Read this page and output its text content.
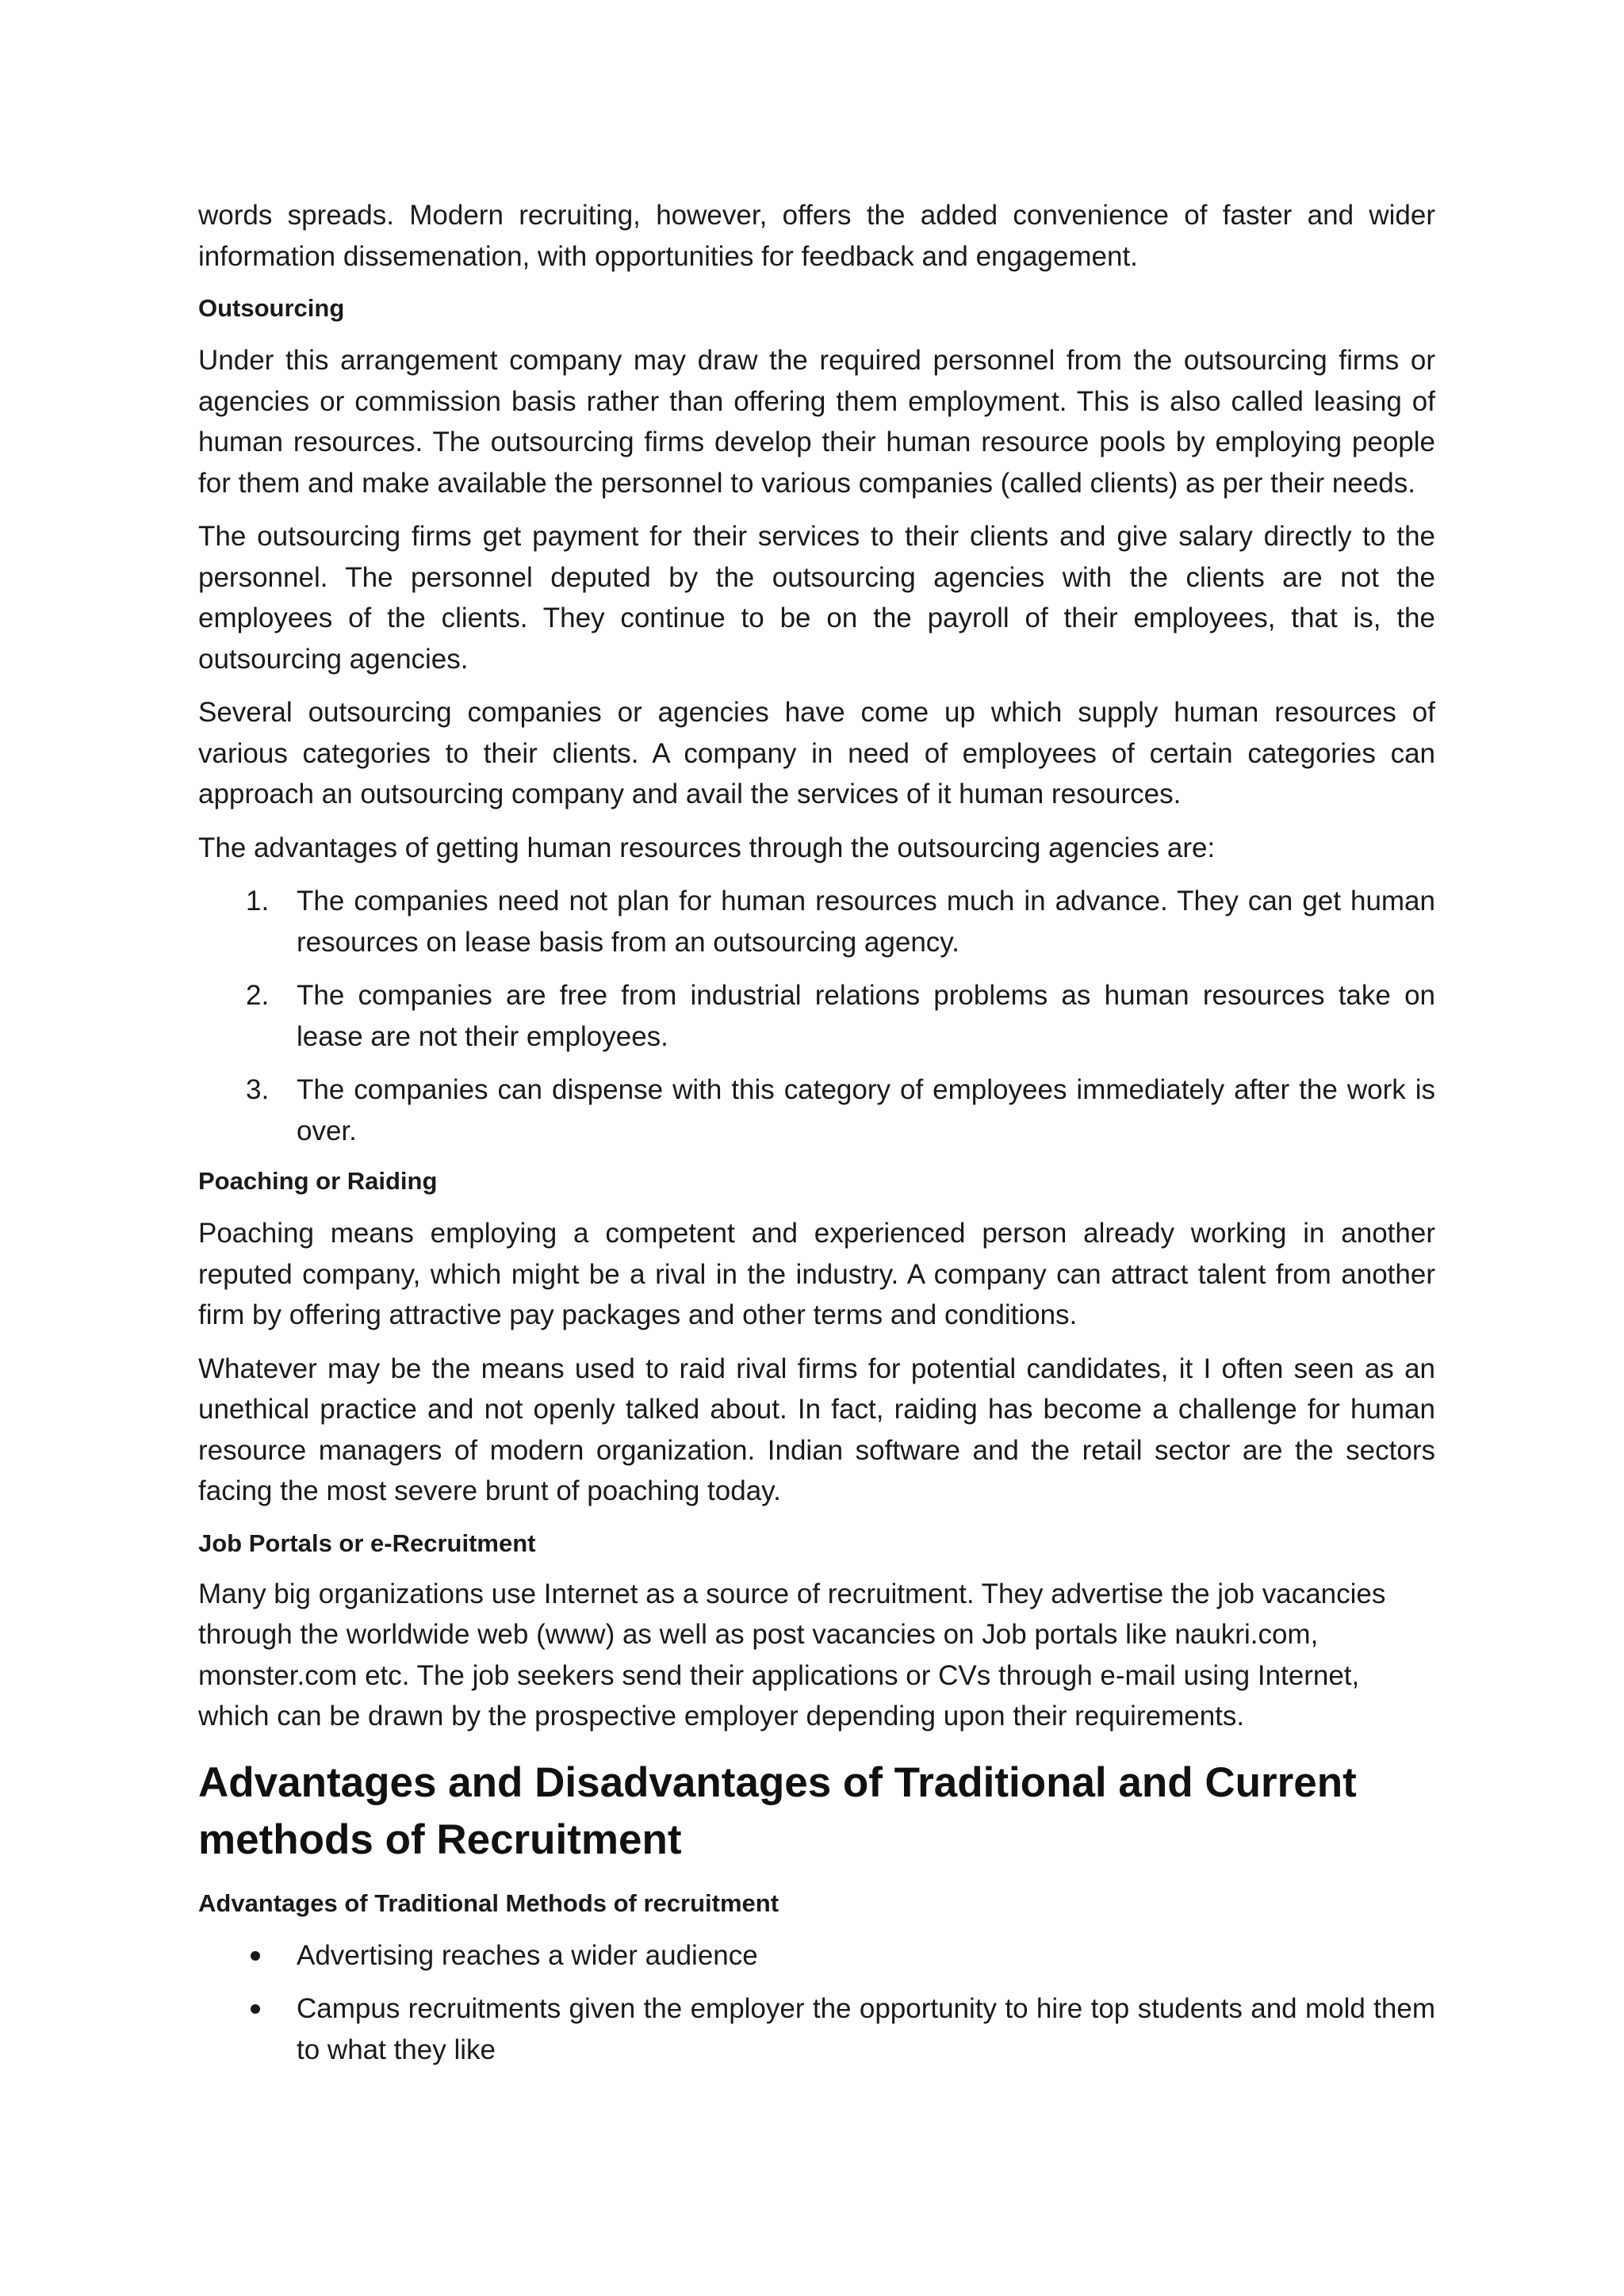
words spreads. Modern recruiting, however, offers the added convenience of faster and wider information dissemenation, with opportunities for feedback and engagement.

Outsourcing

Under this arrangement company may draw the required personnel from the outsourcing firms or agencies or commission basis rather than offering them employment. This is also called leasing of human resources. The outsourcing firms develop their human resource pools by employing people for them and make available the personnel to various companies (called clients) as per their needs.

The outsourcing firms get payment for their services to their clients and give salary directly to the personnel. The personnel deputed by the outsourcing agencies with the clients are not the employees of the clients. They continue to be on the payroll of their employees, that is, the outsourcing agencies.

Several outsourcing companies or agencies have come up which supply human resources of various categories to their clients. A company in need of employees of certain categories can approach an outsourcing company and avail the services of it human resources.

The advantages of getting human resources through the outsourcing agencies are:

1. The companies need not plan for human resources much in advance. They can get human resources on lease basis from an outsourcing agency.
2. The companies are free from industrial relations problems as human resources take on lease are not their employees.
3. The companies can dispense with this category of employees immediately after the work is over.
Poaching or Raiding

Poaching means employing a competent and experienced person already working in another reputed company, which might be a rival in the industry. A company can attract talent from another firm by offering attractive pay packages and other terms and conditions.

Whatever may be the means used to raid rival firms for potential candidates, it I often seen as an unethical practice and not openly talked about. In fact, raiding has become a challenge for human resource managers of modern organization. Indian software and the retail sector are the sectors facing the most severe brunt of poaching today.

Job Portals or e-Recruitment

Many big organizations use Internet as a source of recruitment. They advertise the job vacancies through the worldwide web (www) as well as post vacancies on Job portals like naukri.com, monster.com etc. The job seekers send their applications or CVs through e-mail using Internet, which can be drawn by the prospective employer depending upon their requirements.

Advantages and Disadvantages of Traditional and Current methods of Recruitment
Advantages of Traditional Methods of recruitment
Advertising reaches a wider audience
Campus recruitments given the employer the opportunity to hire top students and mold them to what they like
